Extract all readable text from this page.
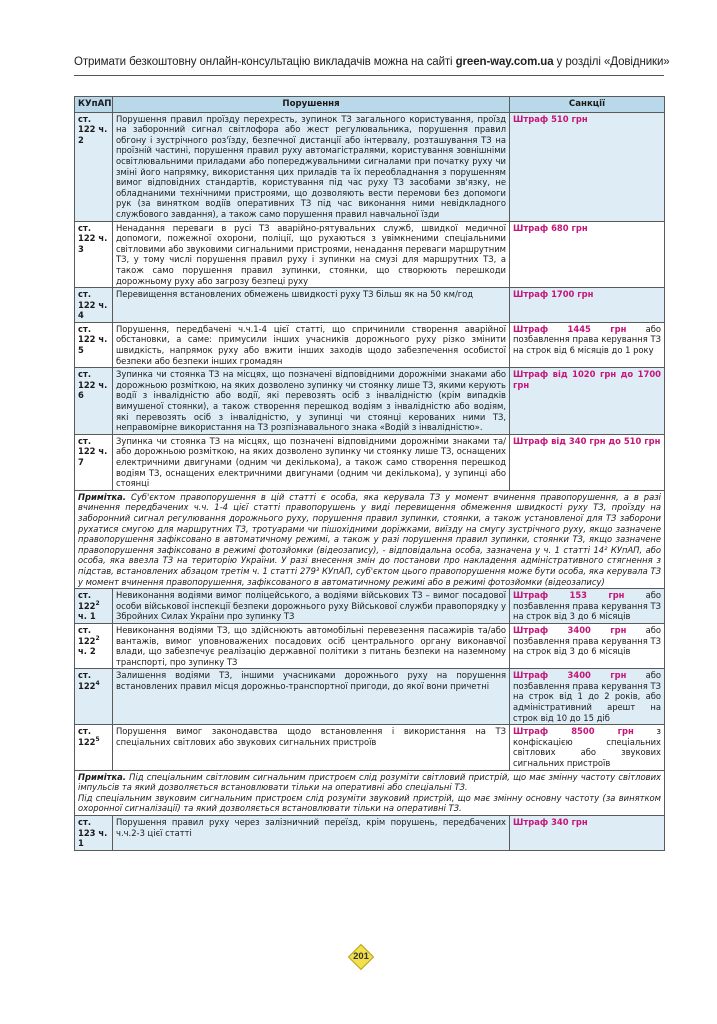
Отримати безкоштовну онлайн-консультацію викладачів можна на сайті green-way.com.ua у розділі «Довідники»
КУпАП	Порушення	Санкції
ст. 122 ч. 2	Порушення правил проїзду перехресть, зупинок ТЗ загального користування, проїзд на заборонний сигнал світлофора або жест регулювальника, порушення правил обгону і зустрічного роз'їзду, безпечної дистанції або інтервалу, розташування ТЗ на проїзній частині, порушення правил руху автомагістралями, користування зовнішніми освітлювальними приладами або попереджувальними сигналами при початку руху чи зміні його напрямку, використання цих приладів та їх переобладнання з порушенням вимог відповідних стандартів, користування під час руху ТЗ засобами зв'язку, не обладнаними технічними пристроями, що дозволяють вести перемови без допомоги рук (за винятком водіїв оперативних ТЗ під час виконання ними невідкладного службового завдання), а також само порушення правил навчальної їзди	Штраф 510 грн
ст. 122 ч. 3	Ненадання переваги в русі ТЗ аварійно-рятувальних служб, швидкої медичної допомоги, пожежної охорони, поліції, що рухаються з увімкненими спеціальними світловими або звуковими сигнальними пристроями, ненадання переваги маршрутним ТЗ, у тому числі порушення правил руху і зупинки на смузі для маршрутних ТЗ, а також само порушення правил зупинки, стоянки, що створюють перешкоди дорожньому руху або загрозу безпеці руху	Штраф 680 грн
ст. 122 ч. 4	Перевищення встановлених обмежень швидкості руху ТЗ більш як на 50 км/год	Штраф 1700 грн
ст. 122 ч. 5	Порушення, передбачені ч.ч.1-4 цієї статті, що спричинили створення аварійної обстановки, а саме: примусили інших учасників дорожнього руху різко змінити швидкість, напрямок руху або вжити інших заходів щодо забезпечення особистої безпеки або безпеки інших громадян	Штраф 1445 грн або позбавлення права керування ТЗ на строк від 6 місяців до 1 року
ст. 122 ч. 6	Зупинка чи стоянка ТЗ на місцях, що позначені відповідними дорожніми знаками або дорожньою розміткою, на яких дозволено зупинку чи стоянку лише ТЗ, якими керують водії з інвалідністю або водії, які перевозять осіб з інвалідністю (крім випадків вимушеної стоянки), а також створення перешкод водіям з інвалідністю або водіям, які перевозять осіб з інвалідністю, у зупинці чи стоянці керованих ними ТЗ, неправомірне використання на ТЗ розпізнавального знака «Водій з інвалідністю».	Штраф від 1020 грн до 1700 грн
ст. 122 ч. 7	Зупинка чи стоянка ТЗ на місцях, що позначені відповідними дорожніми знаками та/або дорожньою розміткою, на яких дозволено зупинку чи стоянку лише ТЗ, оснащених електричними двигунами (одним чи декількома), а також само створення перешкод водіям ТЗ, оснащених електричними двигунами (одним чи декількома), у зупинці або стоянці	Штраф від 340 грн до 510 грн
Примітка. Суб'єктом правопорушення в цій статті є особа, яка керувала ТЗ у момент вчинення правопорушення, а в разі вчинення передбачених ч.ч. 1-4 цієї статті правопорушень у виді перевищення обмеження швидкості руху ТЗ, проїзду на заборонний сигнал регулювання дорожнього руху, порушення правил зупинки, стоянки, а також установленої для ТЗ заборони рухатися смугою для маршрутних ТЗ, тротуарами чи пішохідними доріжками, виїзду на смугу зустрічного руху, якщо зазначене правопорушення зафіксовано в автоматичному режимі, а також у разі порушення правил зупинки, стоянки ТЗ, якщо зазначене правопорушення зафіксовано в режимі фотозйомки (відеозапису), - відповідальна особа, зазначена у ч. 1 статті 14² КУпАП, або особа, яка ввезла ТЗ на територію України. У разі внесення змін до постанови про накладення адміністративного стягнення з підстав, встановлених абзацом третім ч. 1 статті 279³ КУпАП, суб'єктом цього правопорушення може бути особа, яка керувала ТЗ у момент вчинення правопорушення, зафіксованого в автоматичному режимі або в режимі фотозйомки (відеозапису)		
ст. $122^2$ ч. 1	Невиконання водіями вимог поліцейського, а водіями військових ТЗ – вимог посадової особи військової інспекції безпеки дорожнього руху Військової служби правопорядку у Збройних Силах України про зупинку ТЗ	Штраф 153 грн або позбавлення права керування ТЗ на строк від 3 до 6 місяців
ст. $122^2$ ч. 2	Невиконання водіями ТЗ, що здійснюють автомобільні перевезення пасажирів та/або вантажів, вимог уповноважених посадових осіб центрального органу виконавчої влади, що забезпечує реалізацію державної політики з питань безпеки на наземному транспорті, про зупинку ТЗ	Штраф 3400 грн або позбавлення права керування ТЗ на строк від 3 до 6 місяців
ст. $122^4$	Залишення водіями ТЗ, іншими учасниками дорожнього руху на порушення встановлених правил місця дорожньо-транспортної пригоди, до якої вони причетні	Штраф 3400 грн або позбавлення права керування ТЗ на строк від 1 до 2 років, або адміністративний арешт на строк від 10 до 15 діб
ст. $122^5$	Порушення вимог законодавства щодо встановлення і використання на ТЗ спеціальних світлових або звукових сигнальних пристроїв	Штраф 8500 грн з конфіскацією спеціальних світлових або звукових сигнальних пристроїв
Примітка. Під спеціальним світловим сигнальним пристроєм слід розуміти світловий пристрій, що має змінну частоту світлових імпульсів та який дозволяється встановлювати тільки на оперативні або спеціальні ТЗ.
Під спеціальним звуковим сигнальним пристроєм слід розуміти звуковий пристрій, що має змінну основну частоту (за винятком охоронної сигналізації) та який дозволяється встановлювати тільки на оперативні ТЗ.		
ст. 123 ч. 1	Порушення правил руху через залізничний переїзд, крім порушень, передбачених ч.ч.2-3 цієї статті	Штраф 340 грн
201
